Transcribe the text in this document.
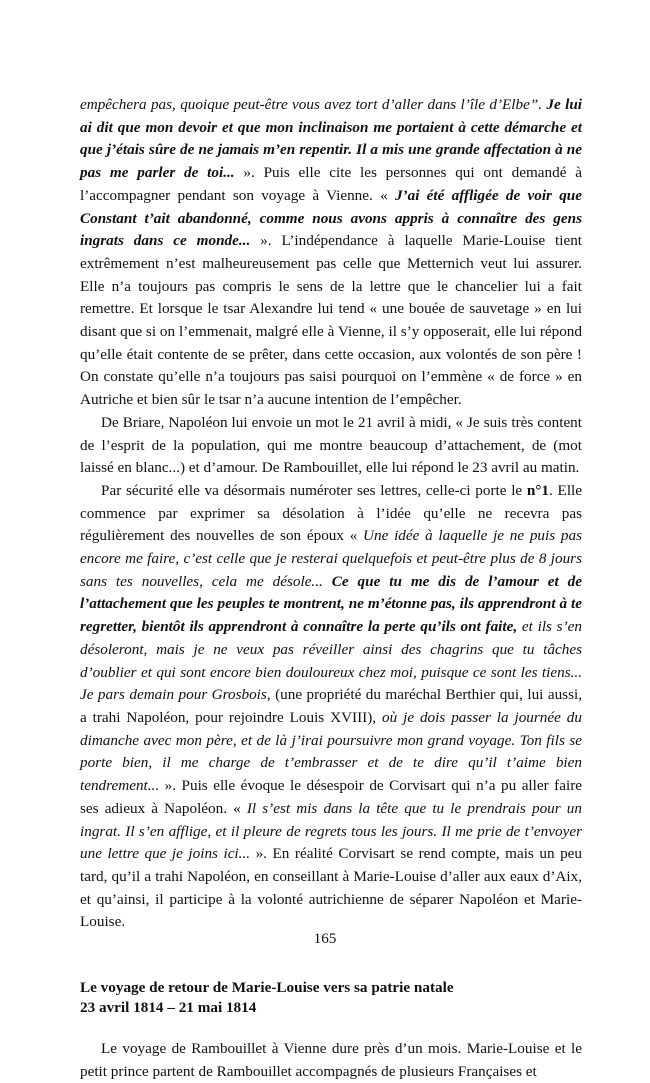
empêchera pas, quoique peut-être vous avez tort d’aller dans l’île d’Elbe”. Je lui ai dit que mon devoir et que mon inclinaison me portaient à cette démarche et que j’étais sûre de ne jamais m’en repentir. Il a mis une grande affectation à ne pas me parler de toi... ». Puis elle cite les personnes qui ont demandé à l’accompagner pendant son voyage à Vienne. « J’ai été affligée de voir que Constant t’ait abandonné, comme nous avons appris à connaître des gens ingrats dans ce monde... ». L’indépendance à laquelle Marie-Louise tient extrêmement n’est malheureusement pas celle que Metternich veut lui assurer. Elle n’a toujours pas compris le sens de la lettre que le chancelier lui a fait remettre. Et lorsque le tsar Alexandre lui tend « une bouée de sauvetage » en lui disant que si on l’emmenait, malgré elle à Vienne, il s’y opposerait, elle lui répond qu’elle était contente de se prêter, dans cette occasion, aux volontés de son père ! On constate qu’elle n’a toujours pas saisi pourquoi on l’emmène « de force » en Autriche et bien sûr le tsar n’a aucune intention de l’empêcher.

De Briare, Napoléon lui envoie un mot le 21 avril à midi, « Je suis très content de l’esprit de la population, qui me montre beaucoup d’attachement, de (mot laissé en blanc...) et d’amour. De Rambouillet, elle lui répond le 23 avril au matin.

Par sécurité elle va désormais numéroter ses lettres, celle-ci porte le n°1. Elle commence par exprimer sa désolation à l’idée qu’elle ne recevra pas régulièrement des nouvelles de son époux « Une idée à laquelle je ne puis pas encore me faire, c’est celle que je resterai quelquefois et peut-être plus de 8 jours sans tes nouvelles, cela me désole... Ce que tu me dis de l’amour et de l’attachement que les peuples te montrent, ne m’étonne pas, ils apprendront à te regretter, bientôt ils apprendront à connaître la perte qu’ils ont faite, et ils s’en désoleront, mais je ne veux pas réveiller ainsi des chagrins que tu tâches d’oublier et qui sont encore bien douloureux chez moi, puisque ce sont les tiens... Je pars demain pour Grosbois, (une propriété du maréchal Berthier qui, lui aussi, a trahi Napoléon, pour rejoindre Louis XVIII), où je dois passer la journée du dimanche avec mon père, et de là j’irai poursuivre mon grand voyage. Ton fils se porte bien, il me charge de t’embrasser et de te dire qu’il t’aime bien tendrement... ». Puis elle évoque le désespoir de Corvisart qui n’a pu aller faire ses adieux à Napoléon. « Il s’est mis dans la tête que tu le prendrais pour un ingrat. Il s’en afflige, et il pleure de regrets tous les jours. Il me prie de t’envoyer une lettre que je joins ici... ». En réalité Corvisart se rend compte, mais un peu tard, qu’il a trahi Napoléon, en conseillant à Marie-Louise d’aller aux eaux d’Aix, et qu’ainsi, il participe à la volonté autrichienne de séparer Napoléon et Marie-Louise.

Le voyage de retour de Marie-Louise vers sa patrie natale
23 avril 1814 – 21 mai 1814

Le voyage de Rambouillet à Vienne dure près d’un mois. Marie-Louise et le petit prince partent de Rambouillet accompagnés de plusieurs Françaises et

165
